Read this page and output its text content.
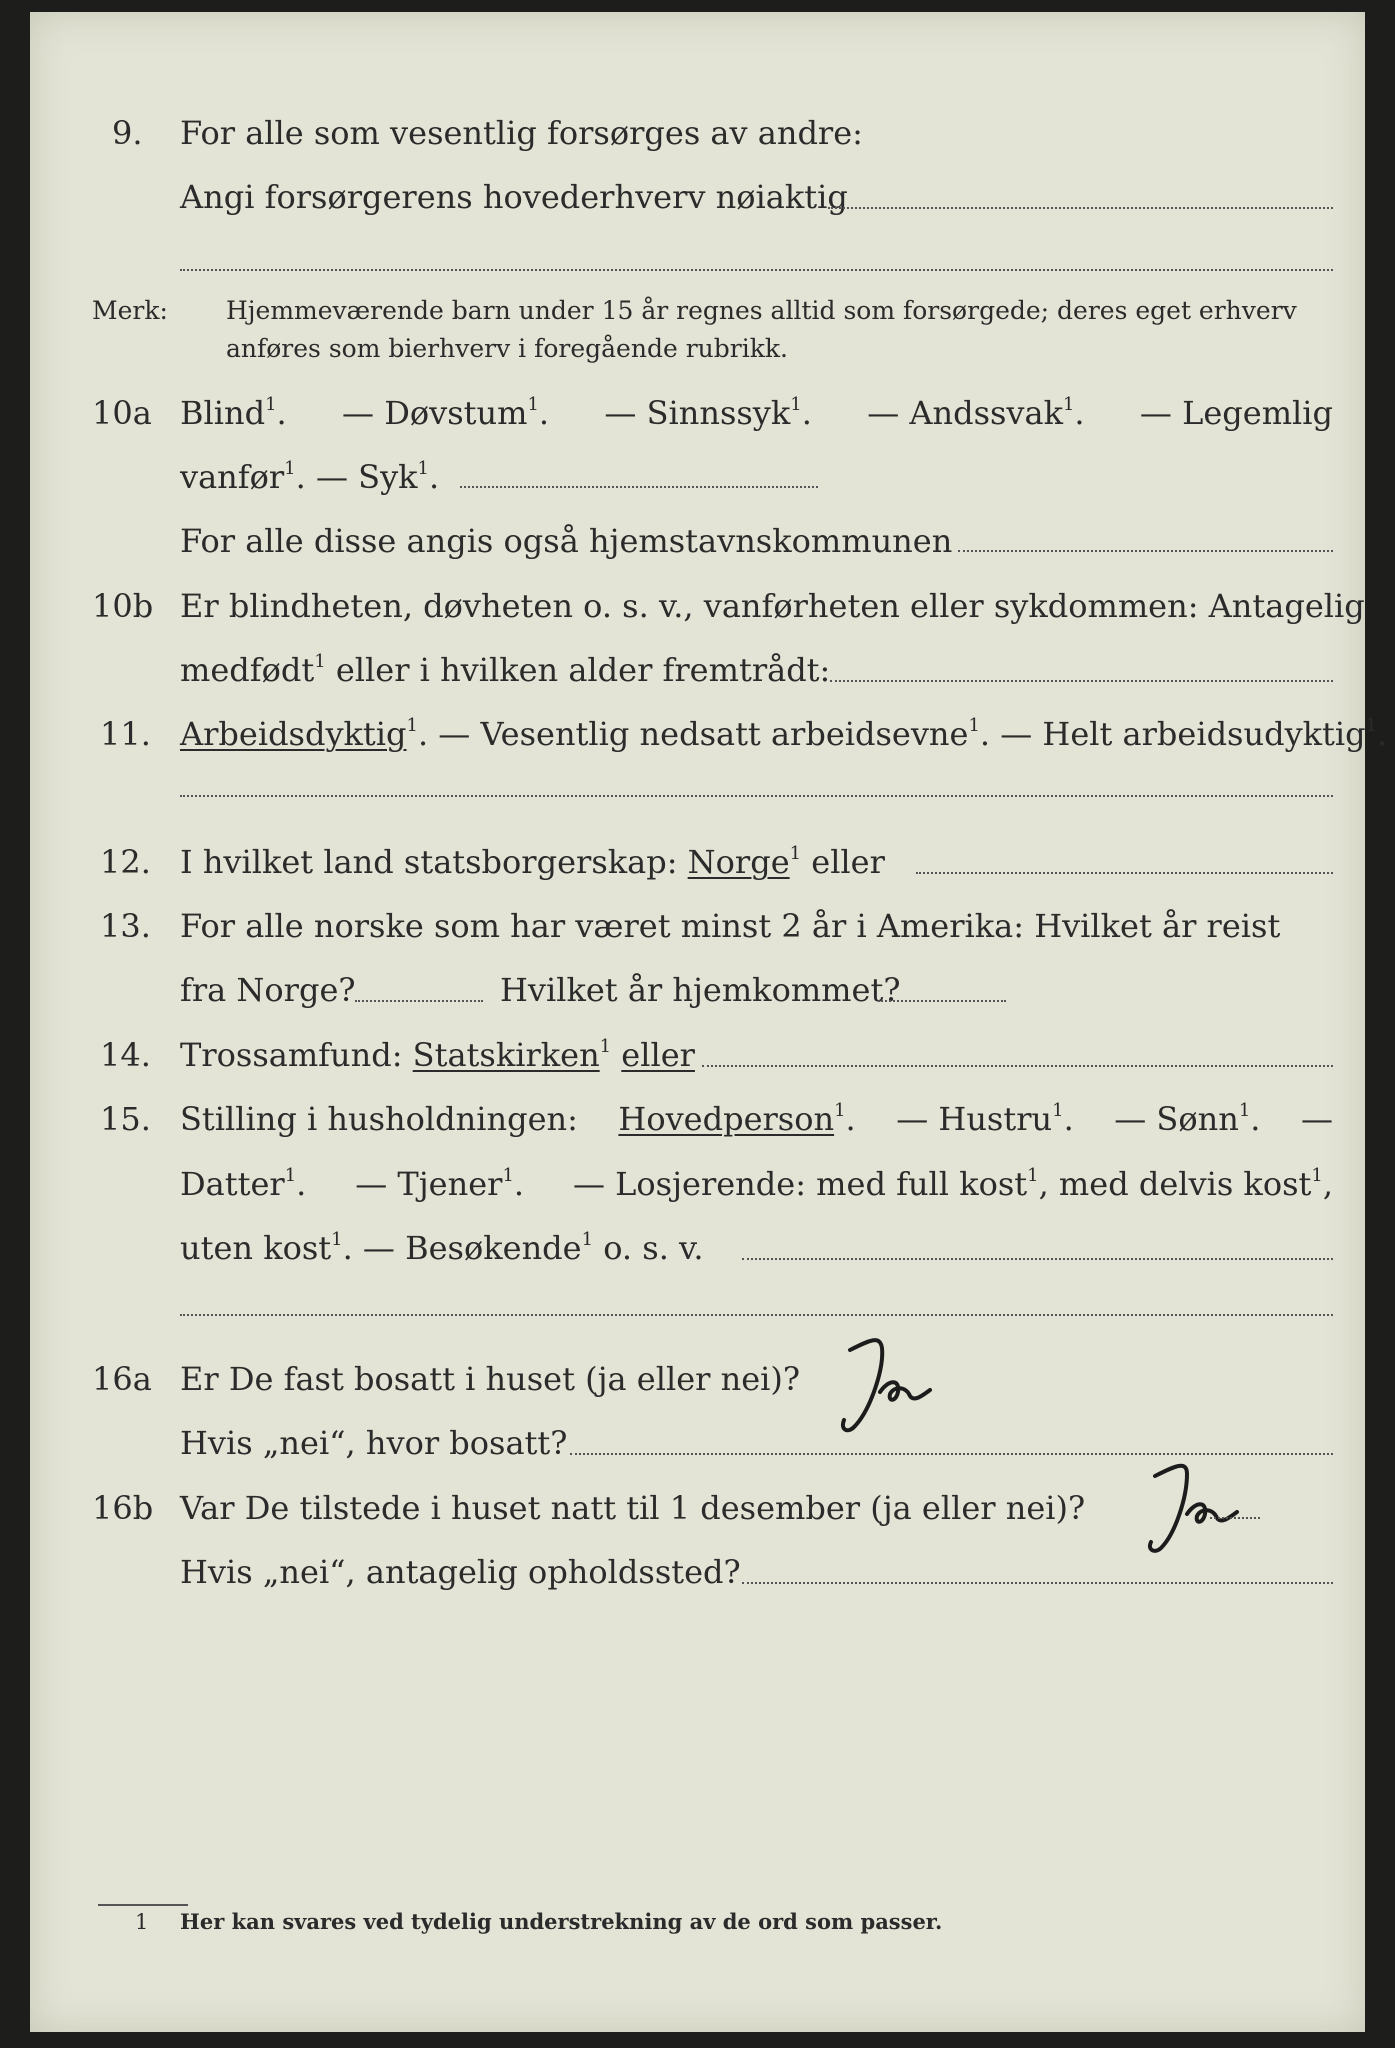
9. For alle som vesentlig forsørges av andre:
Angi forsørgerens hovederhverv nøiaktig
Merk: Hjemmeværende barn under 15 år regnes alltid som forsørgede; deres eget erhverv
anføres som bierhverv i foregående rubrikk.
10a Blind$^1$. — Døvstum$^1$. — Sinnssyk$^1$. — Andssvak$^1$. — Legemlig
vanfør$^1$. — Syk$^1$.
For alle disse angis også hjemstavnskommunen
10b Er blindheten, døvheten o. s. v., vanførheten eller sykdommen: Antagelig
medfødt$^1$ eller i hvilken alder fremtrådt:
11. Arbeidsdyktig$^1$. — Vesentlig nedsatt arbeidsevne$^1$. — Helt arbeidsudyktig$^1$.
12. I hvilket land statsborgerskap: Norge$^1$ eller
13. For alle norske som har været minst 2 år i Amerika: Hvilket år reist
fra Norge?	Hvilket år hjemkommet?
14. Trossamfund: Statskirken$^1$ eller
15. Stilling i husholdningen: Hovedperson$^1$. — Hustru$^1$. — Sønn$^1$. —
Datter$^1$. — Tjener$^1$. — Losjerende: med full kost$^1$, med delvis kost$^1$,
uten kost$^1$. — Besøkende$^1$ o. s. v.
16a Er De fast bosatt i huset (ja eller nei)?
Hvis „nei“, hvor bosatt?
16b Var De tilstede i huset natt til 1 desember (ja eller nei)?
Hvis „nei“, antagelig opholdssted?
1 Her kan svares ved tydelig understrekning av de ord som passer.
